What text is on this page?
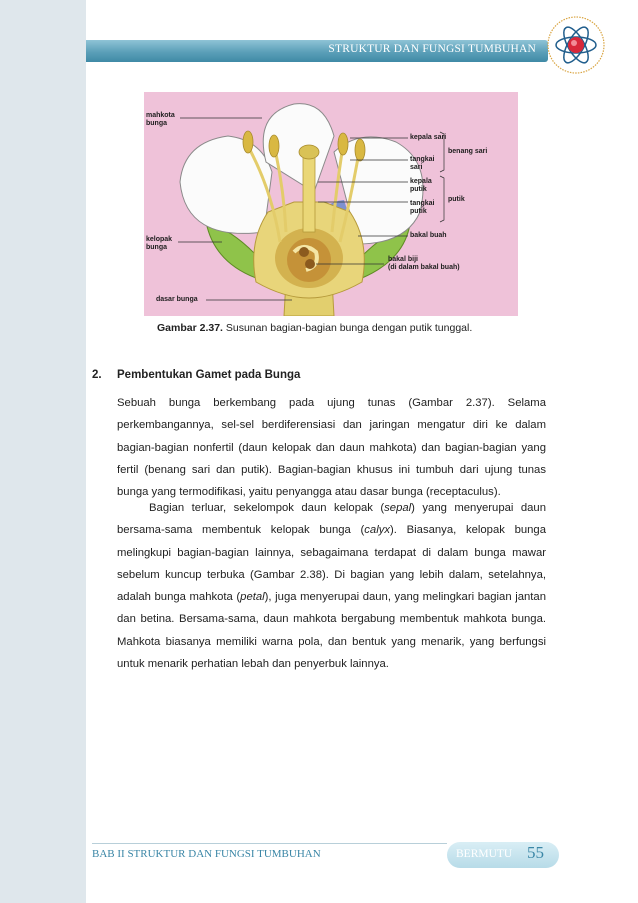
STRUKTUR DAN FUNGSI TUMBUHAN
mahkota
bunga
kepala sari
benang sari
tangkai
sari
kepala
putik
putik
tangkai
putik
kelopak
bunga
bakal buah
bakal biji
(di dalam bakal buah)
dasar bunga
Gambar 2.37. Susunan bagian-bagian bunga dengan putik tunggal.
2. Pembentukan Gamet pada Bunga
Sebuah bunga berkembang pada ujung tunas (Gambar 2.37). Selama perkembangannya, sel-sel berdiferensiasi dan jaringan mengatur diri ke dalam bagian-bagian nonfertil (daun kelopak dan daun mahkota) dan bagian-bagian yang fertil (benang sari dan putik). Bagian-bagian khusus ini tumbuh dari ujung tunas bunga yang termodifikasi, yaitu penyangga atau dasar bunga (receptaculus).
Bagian terluar, sekelompok daun kelopak (sepal) yang menyerupai daun bersama-sama membentuk kelopak bunga (calyx). Biasanya, kelopak bunga melingkupi bagian-bagian lainnya, sebagaimana terdapat di dalam bunga mawar sebelum kuncup terbuka (Gambar 2.38). Di bagian yang lebih dalam, setelahnya, adalah bunga mahkota (petal), juga menyerupai daun, yang melingkari bagian jantan dan betina. Bersama-sama, daun mahkota bergabung membentuk mahkota bunga. Mahkota biasanya memiliki warna pola, dan bentuk yang menarik, yang berfungsi untuk menarik perhatian lebah dan penyerbuk lainnya.
BAB II STRUKTUR DAN FUNGSI TUMBUHAN	BERMUTU 55
